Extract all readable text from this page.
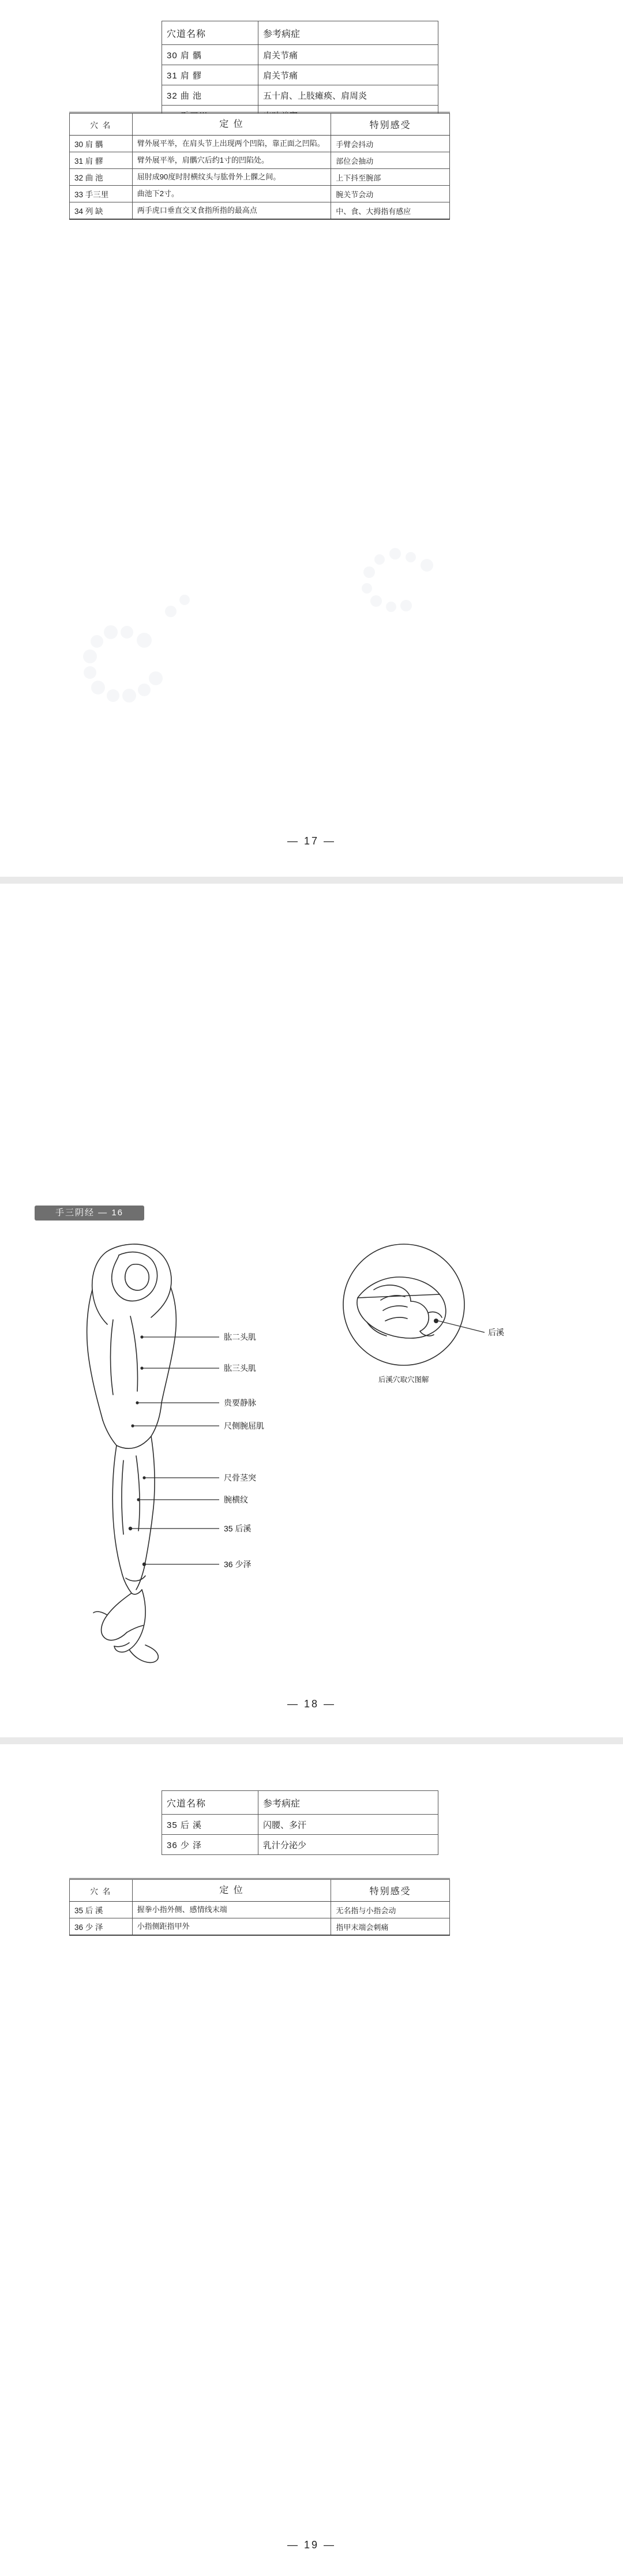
穴道名称	参考病症
30 肩 髃	肩关节痛
31 肩 髎	肩关节痛
32 曲 池	五十肩、上肢瘫痪、肩周炎

穴 名	定 位	特别感受
30 肩 髃	臂外展平举，在肩头节上出现两个凹陷，靠正面之凹陷。	手臂会抖动
31 肩 髎	臂外展平举，肩髃穴后约1寸的凹陷处。	部位会抽动
32 曲 池	屈肘成90度时肘横纹头与肱骨外上髁之间。	上下抖至腕部
33 手三里	曲池下2寸。	腕关节会动
34 列 缺	两手虎口垂直交叉食指所指的最高点	中、食、大拇指有感应
— 17 —
手三阴经 — 16
肱二头肌
肱三头肌
贵要静脉
尺侧腕屈肌
尺骨茎突
腕横纹
35 后溪
36 少泽
后溪
后溪穴取穴图解
— 18 —
穴道名称	参考病症
35 后 溪	闪腰、多汗
36 少 泽	乳汁分泌少
穴 名	定 位	特别感受
35 后 溪	握拳小指外侧、感情线末端	无名指与小指会动
36 少 泽	小指侧距指甲外	指甲末端会刺痛
— 19 —
